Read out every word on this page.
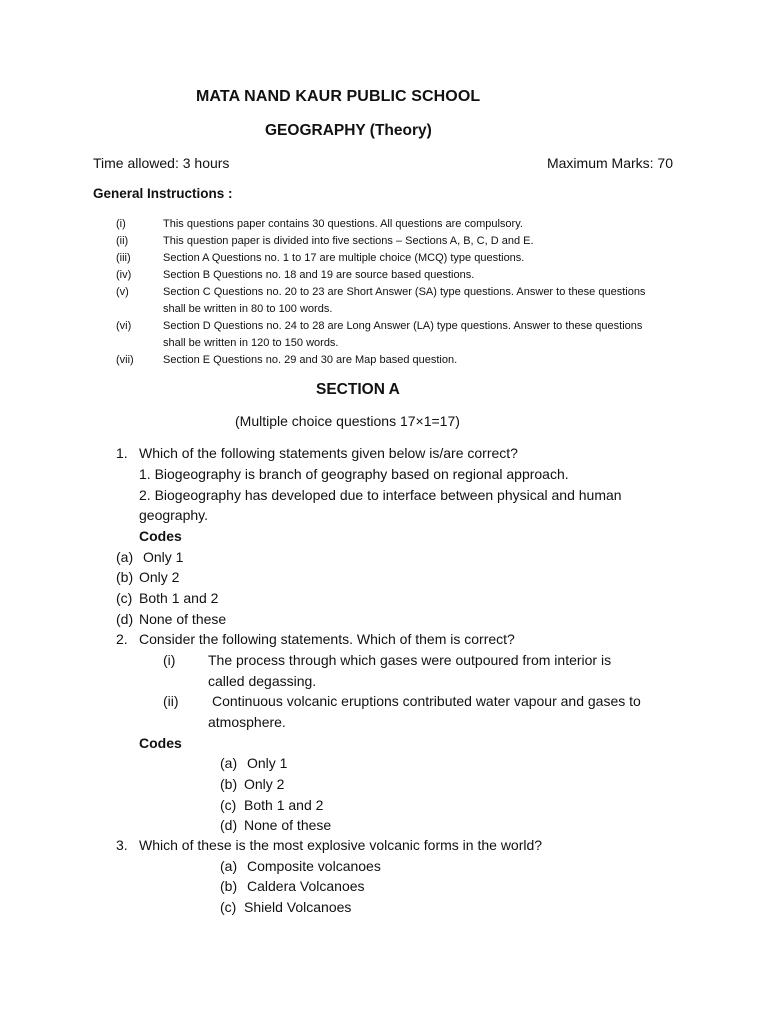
MATA NAND KAUR PUBLIC SCHOOL
GEOGRAPHY (Theory)
Time allowed: 3 hours	Maximum Marks: 70
General Instructions :
(i)	This questions paper contains 30 questions. All questions are compulsory.
(ii)	This question paper is divided into five sections – Sections A, B, C, D and E.
(iii)	Section A Questions no. 1 to 17 are multiple choice (MCQ) type questions.
(iv)	Section B Questions no. 18 and 19 are source based questions.
(v)	Section C Questions no. 20 to 23 are Short Answer (SA) type questions. Answer to these questions shall be written in 80 to 100 words.
(vi)	Section D Questions no. 24 to 28 are Long Answer (LA) type questions. Answer to these questions shall be written in 120 to 150 words.
(vii)	Section E Questions no. 29 and 30 are Map based question.
SECTION A
(Multiple choice questions 17×1=17)
1. Which of the following statements given below is/are correct?
1. Biogeography is branch of geography based on regional approach.
2. Biogeography has developed due to interface between physical and human
geography.
Codes
(a) Only 1
(b) Only 2
(c) Both 1 and 2
(d) None of these
2. Consider the following statements. Which of them is correct?
(i) The process through which gases were outpoured from interior is
called degassing.
(ii) Continuous volcanic eruptions contributed water vapour and gases to
atmosphere.
Codes
(a) Only 1
(b) Only 2
(c) Both 1 and 2
(d) None of these
3. Which of these is the most explosive volcanic forms in the world?
(a) Composite volcanoes
(b) Caldera Volcanoes
(c) Shield Volcanoes
